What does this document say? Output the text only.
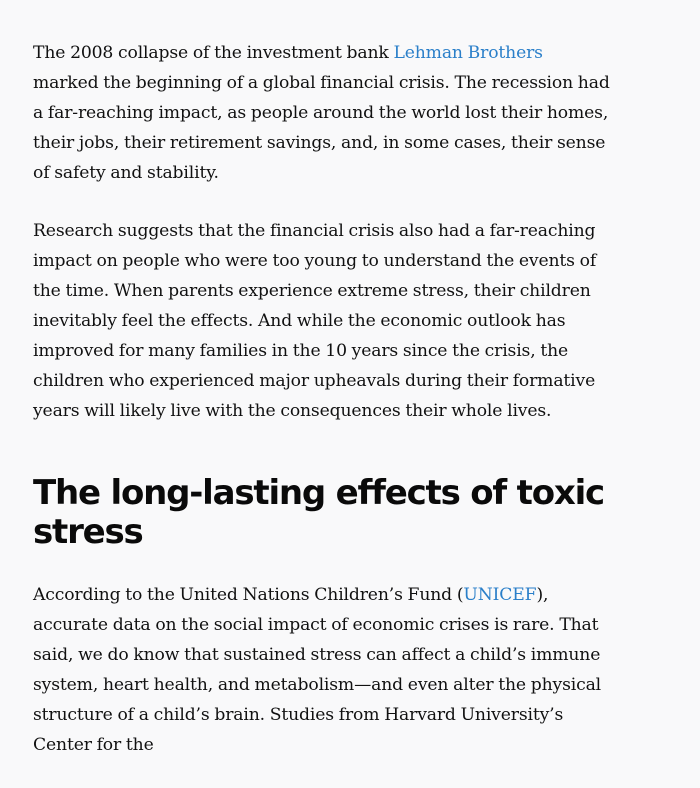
The 2008 collapse of the investment bank Lehman Brothers marked the beginning of a global financial crisis. The recession had a far-reaching impact, as people around the world lost their homes, their jobs, their retirement savings, and, in some cases, their sense of safety and stability.

Research suggests that the financial crisis also had a far-reaching impact on people who were too young to understand the events of the time. When parents experience extreme stress, their children inevitably feel the effects. And while the economic outlook has improved for many families in the 10 years since the crisis, the children who experienced major upheavals during their formative years will likely live with the consequences their whole lives.

The long-lasting effects of toxic stress

According to the United Nations Children’s Fund (UNICEF), accurate data on the social impact of economic crises is rare. That said, we do know that sustained stress can affect a child’s immune system, heart health, and metabolism—and even alter the physical structure of a child’s brain. Studies from Harvard University’s Center for the
